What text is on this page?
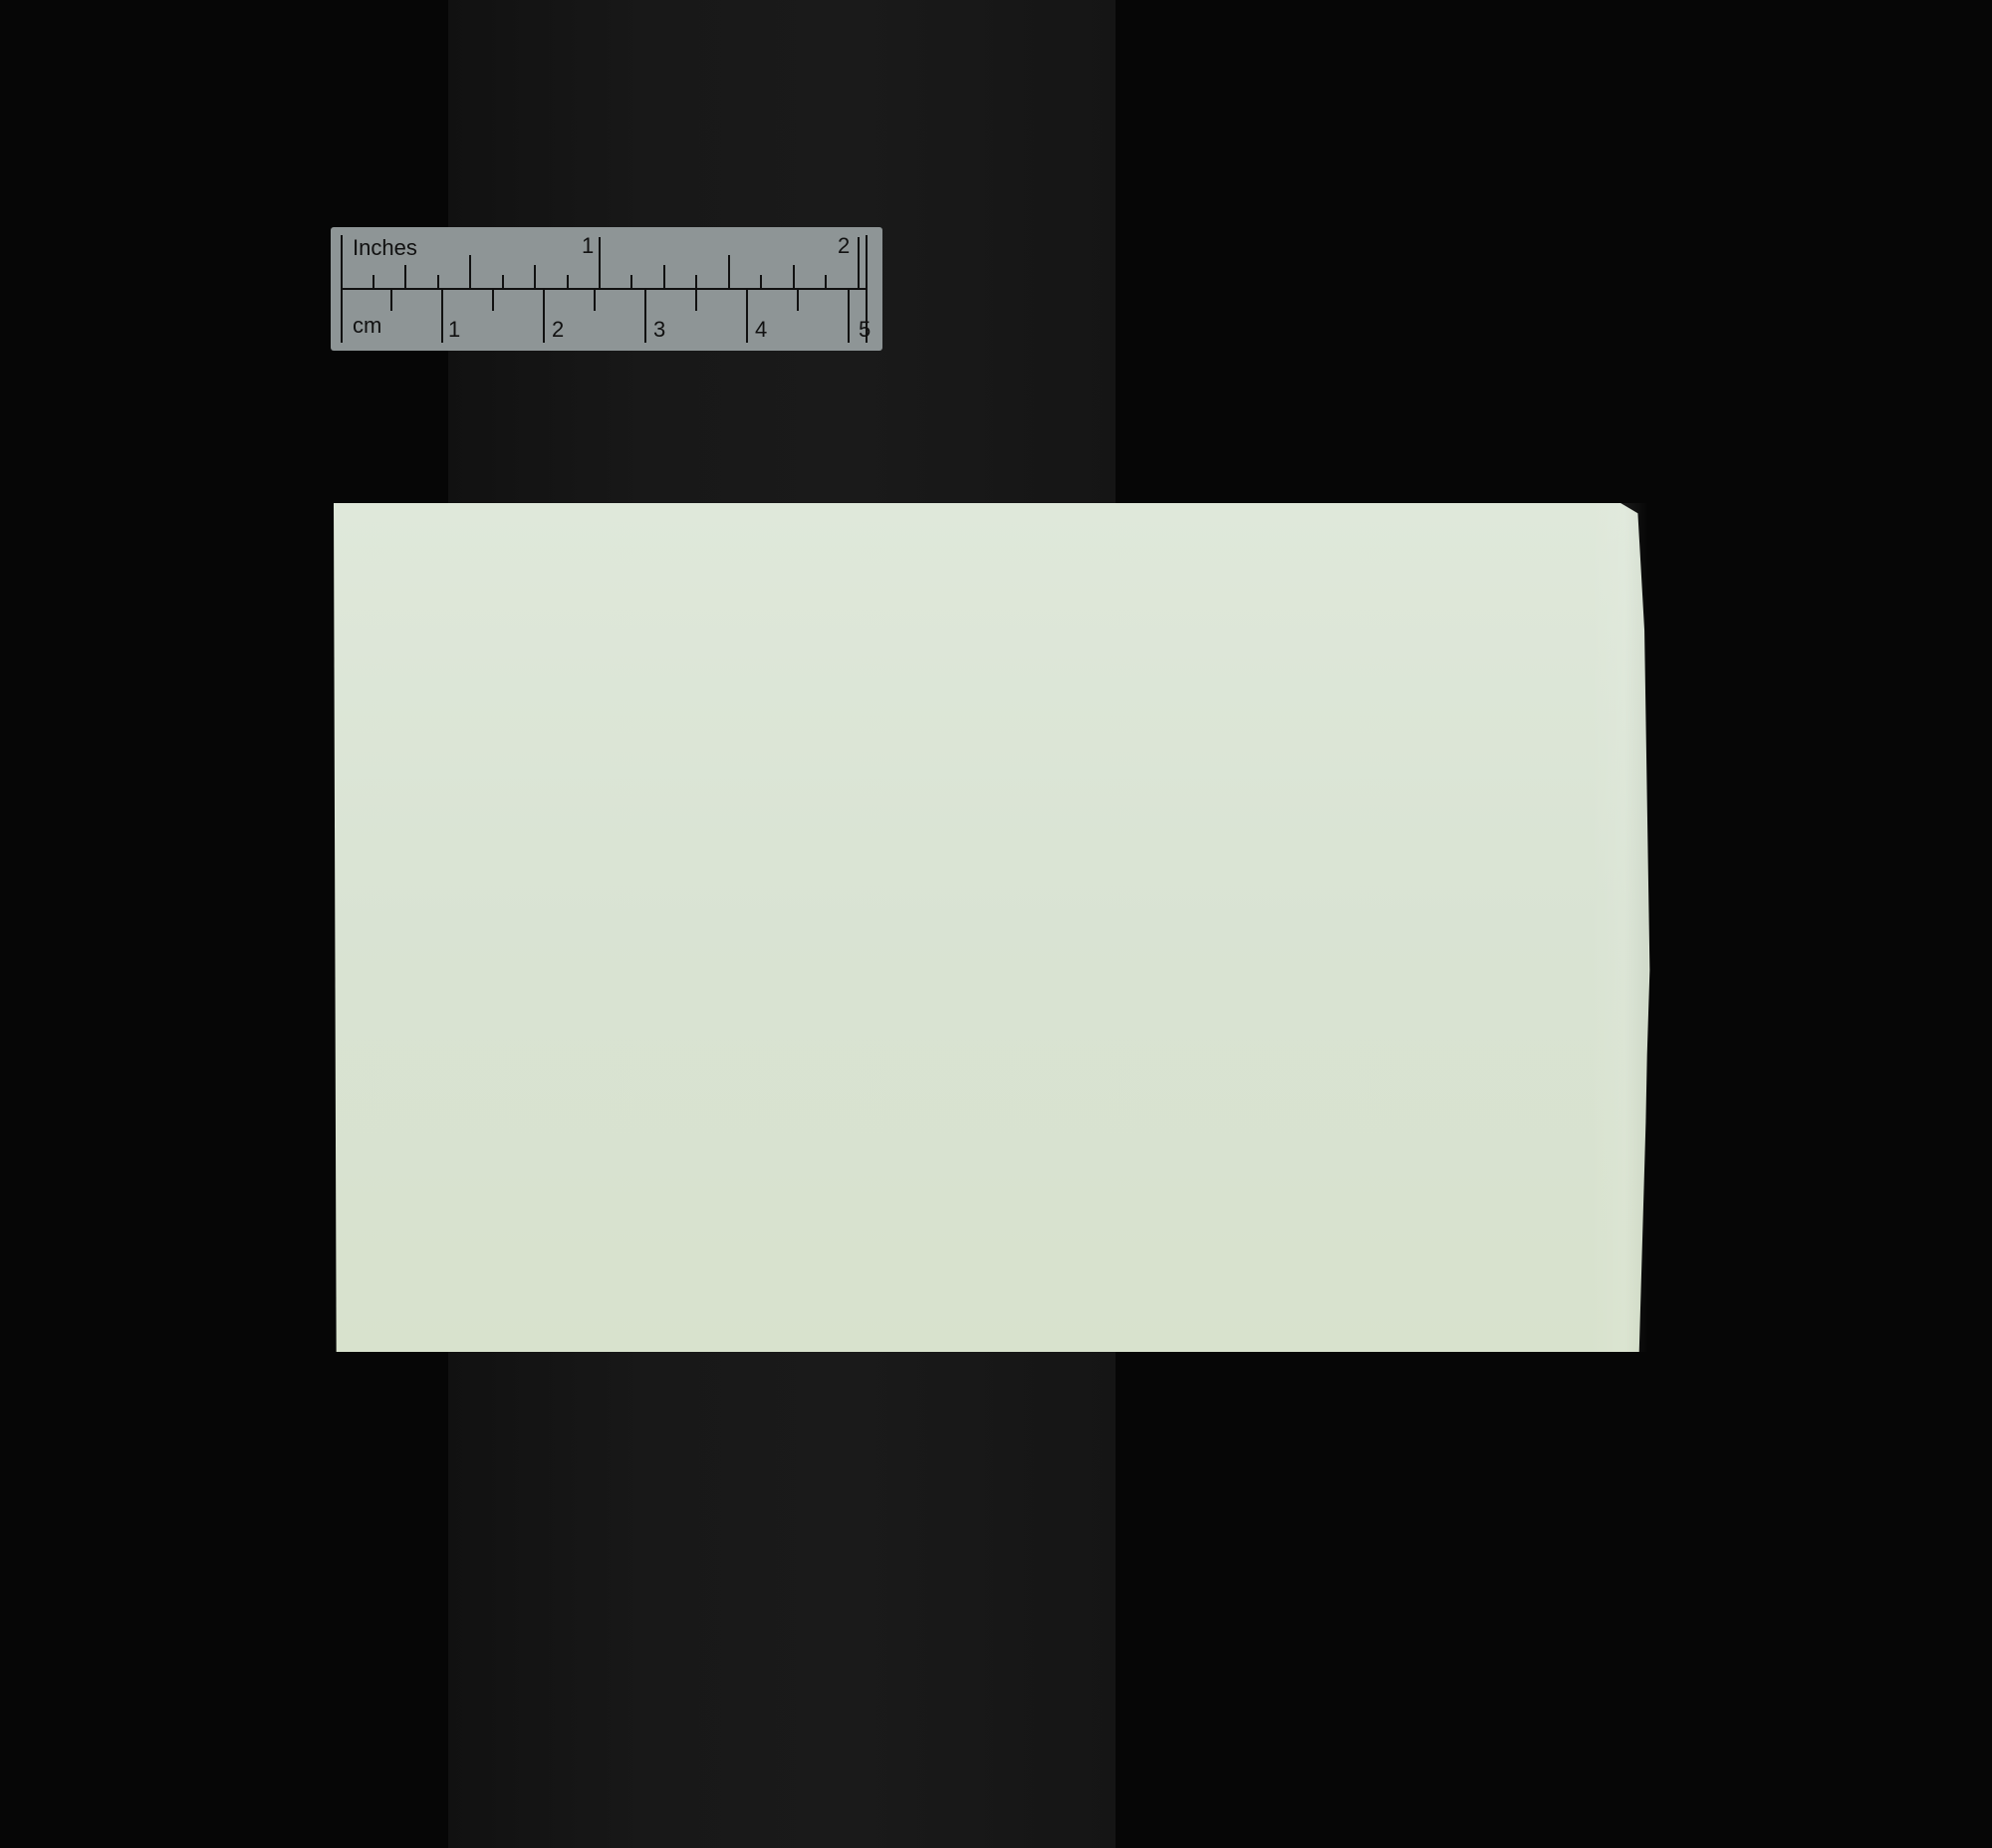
Inches
cm
1	2
1	2	3	4	5
